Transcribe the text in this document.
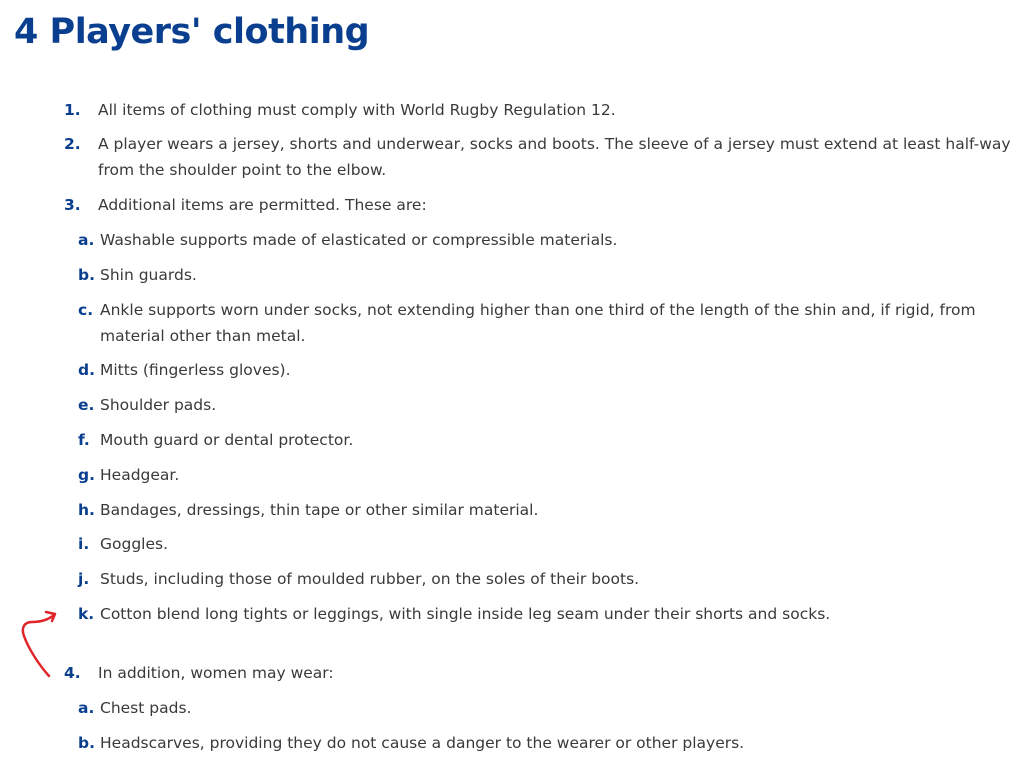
4 Players' clothing
1. All items of clothing must comply with World Rugby Regulation 12.
2. A player wears a jersey, shorts and underwear, socks and boots. The sleeve of a jersey must extend at least half-way
from the shoulder point to the elbow.
3. Additional items are permitted. These are:
a. Washable supports made of elasticated or compressible materials.
b. Shin guards.
c. Ankle supports worn under socks, not extending higher than one third of the length of the shin and, if rigid, from
material other than metal.
d. Mitts (fingerless gloves).
e. Shoulder pads.
f. Mouth guard or dental protector.
g. Headgear.
h. Bandages, dressings, thin tape or other similar material.
i. Goggles.
j. Studs, including those of moulded rubber, on the soles of their boots.
k. Cotton blend long tights or leggings, with single inside leg seam under their shorts and socks.
4. In addition, women may wear:
a. Chest pads.
b. Headscarves, providing they do not cause a danger to the wearer or other players.
